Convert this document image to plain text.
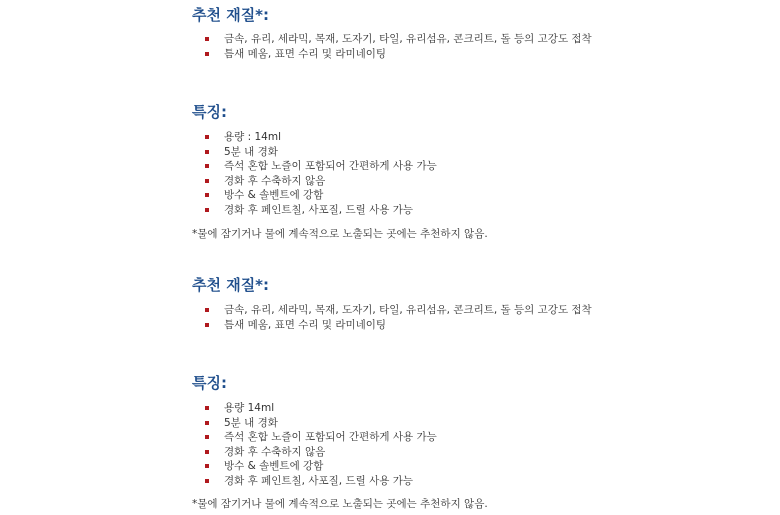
추천 재질*:
금속, 유리, 세라믹, 목재, 도자기, 타일, 유리섬유, 콘크리트, 돌 등의 고강도 접착
틈새 메움, 표면 수리 및 라미네이팅
특징:
용량 : 14ml
5분 내 경화
즉석 혼합 노즐이 포함되어 간편하게 사용 가능
경화 후 수축하지 않음
방수 & 솔벤트에 강함
경화 후 페인트칠, 사포질, 드릴 사용 가능

*물에 잠기거나 물에 계속적으로 노출되는 곳에는 추천하지 않음.

추천 재질*:
금속, 유리, 세라믹, 목재, 도자기, 타일, 유리섬유, 콘크리트, 돌 등의 고강도 접착
틈새 메움, 표면 수리 및 라미네이팅
특징:
용량 14ml
5분 내 경화
즉석 혼합 노즐이 포함되어 간편하게 사용 가능
경화 후 수축하지 않음
방수 & 솔벤트에 강함
경화 후 페인트칠, 사포질, 드릴 사용 가능

*물에 잠기거나 물에 계속적으로 노출되는 곳에는 추천하지 않음.
